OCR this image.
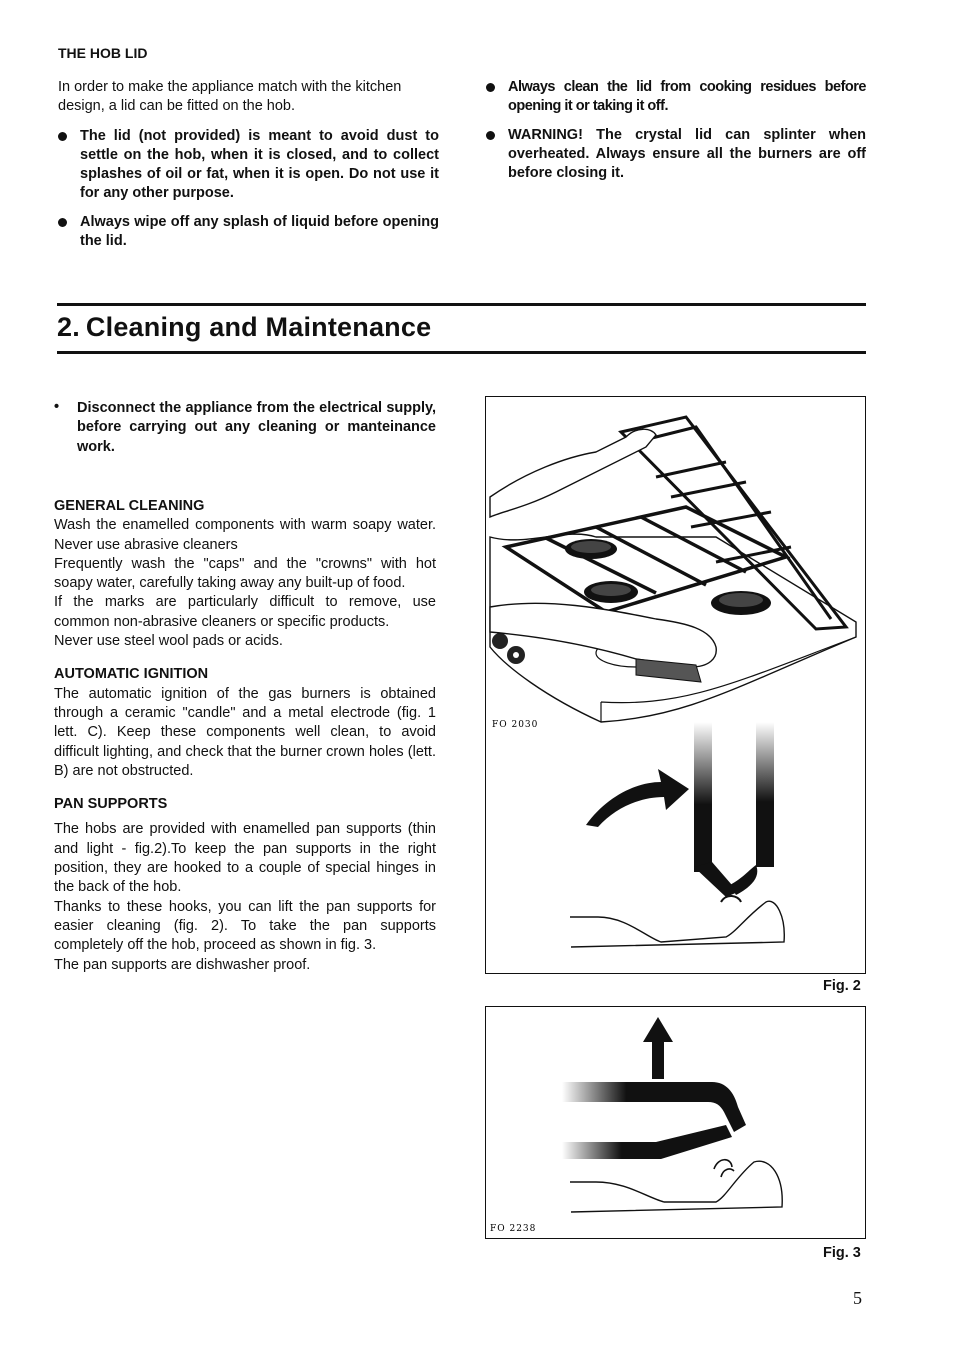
THE HOB LID

In order to make the appliance match with the kitchen design, a lid can be fitted on the hob.

The lid (not provided) is meant to avoid dust to settle on the hob, when it is closed, and to collect splashes of oil or fat, when it is open. Do not use it for any other purpose.
Always wipe off any splash of liquid before opening the lid.
Always clean the lid from cooking residues before opening it or taking it off.
WARNING! The crystal lid can splinter when overheated. Always ensure all the burners are off before closing it.
2. Cleaning and Maintenance
•	Disconnect the appliance from the electrical supply, before carrying out any cleaning or manteinance work.
GENERAL CLEANING

Wash the enamelled components with warm soapy water. Never use abrasive cleaners

Frequently wash the "caps" and the "crowns" with hot soapy water, carefully taking away any built-up of food.

If the marks are particularly difficult to remove, use common non-abrasive cleaners or specific products.

Never use steel wool pads or acids.

AUTOMATIC IGNITION

The automatic ignition of the gas burners is obtained through a ceramic "candle" and a metal electrode (fig. 1 lett. C). Keep these components well clean, to avoid difficult lighting, and check that the burner crown holes (lett. B) are not obstructed.

PAN SUPPORTS

The hobs are provided with enamelled pan supports (thin and light - fig.2).To keep the pan supports in the right position, they are hooked to a couple of special hinges in the back of the hob.

Thanks to these hooks, you can lift the pan supports for easier cleaning (fig. 2). To take the pan supports completely off the hob, proceed as shown in fig. 3.

The pan supports are dishwasher proof.

FO 2030
Fig. 2
FO 2238
Fig. 3
5
